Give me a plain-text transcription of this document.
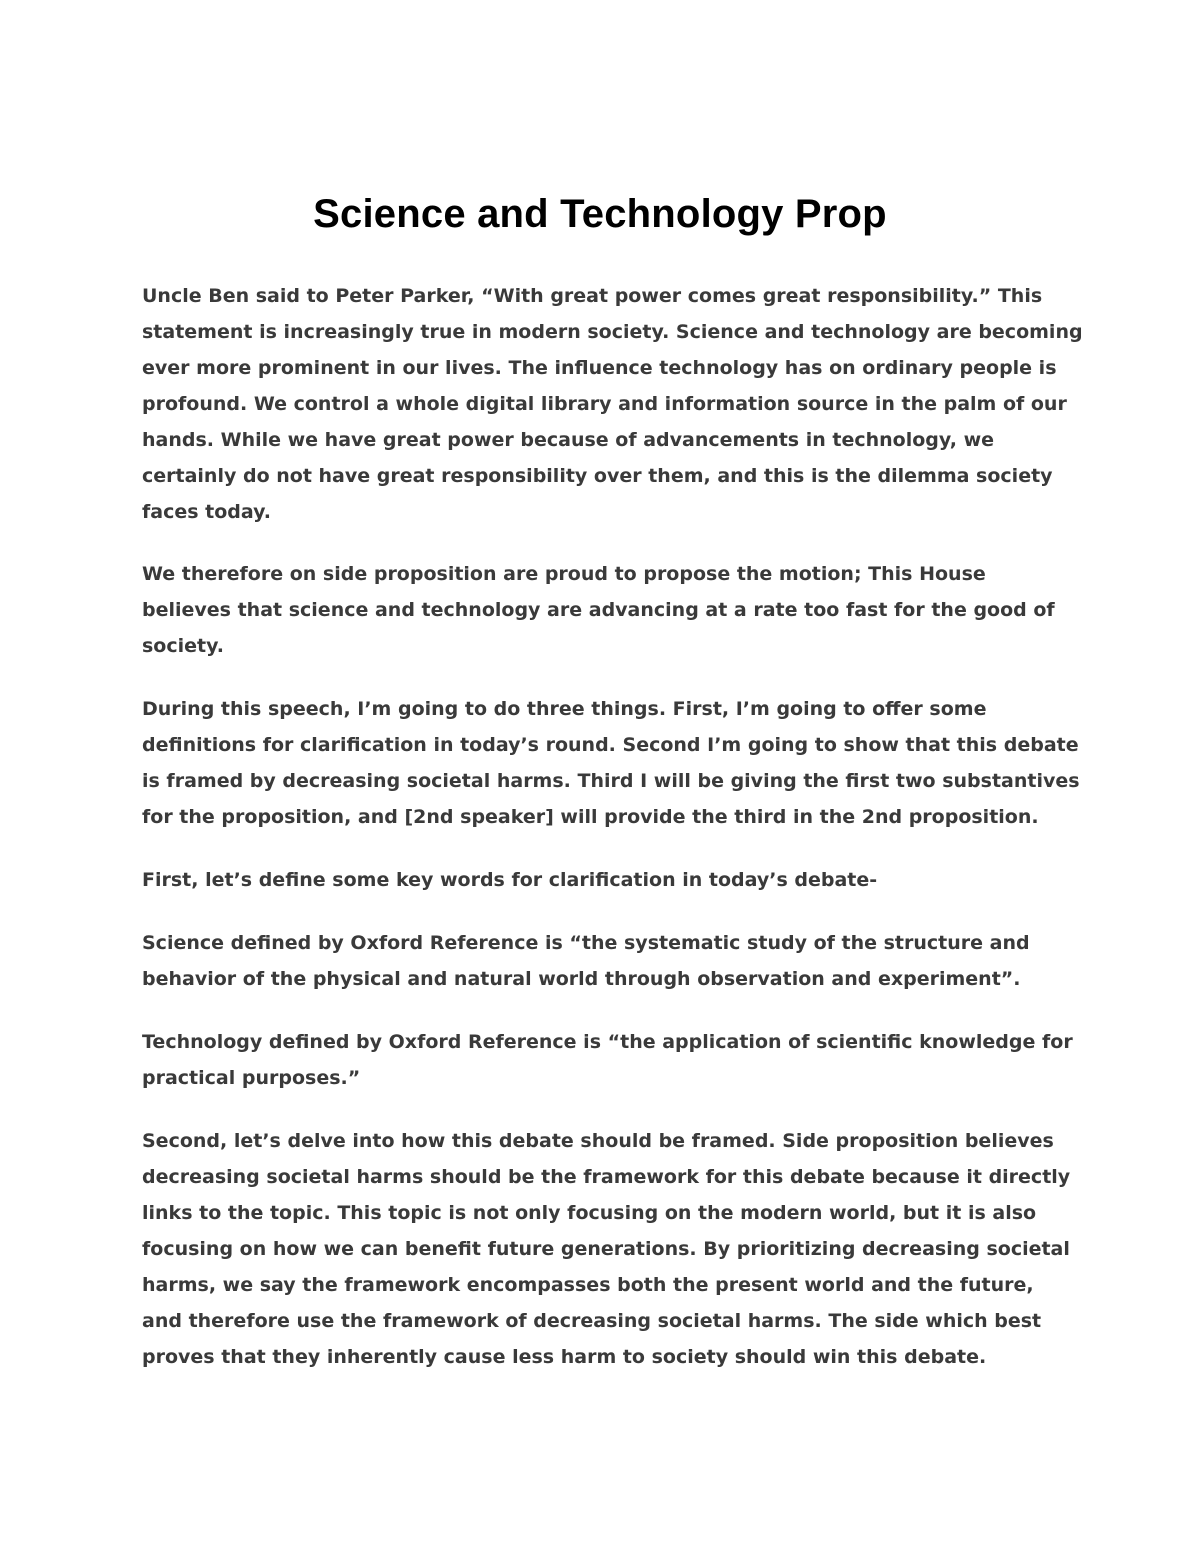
Science and Technology Prop
Uncle Ben said to Peter Parker, “With great power comes great responsibility.” This
statement is increasingly true in modern society. Science and technology are becoming
ever more prominent in our lives. The influence technology has on ordinary people is
profound. We control a whole digital library and information source in the palm of our
hands. While we have great power because of advancements in technology, we
certainly do not have great responsibility over them, and this is the dilemma society
faces today.
We therefore on side proposition are proud to propose the motion; This House
believes that science and technology are advancing at a rate too fast for the good of
society.
During this speech, I’m going to do three things. First, I’m going to offer some
definitions for clarification in today’s round. Second I’m going to show that this debate
is framed by decreasing societal harms. Third I will be giving the first two substantives
for the proposition, and [2nd speaker] will provide the third in the 2nd proposition.
First, let’s define some key words for clarification in today’s debate-
Science defined by Oxford Reference is “the systematic study of the structure and
behavior of the physical and natural world through observation and experiment”.
Technology defined by Oxford Reference is “the application of scientific knowledge for
practical purposes.”
Second, let’s delve into how this debate should be framed. Side proposition believes
decreasing societal harms should be the framework for this debate because it directly
links to the topic. This topic is not only focusing on the modern world, but it is also
focusing on how we can benefit future generations. By prioritizing decreasing societal
harms, we say the framework encompasses both the present world and the future,
and therefore use the framework of decreasing societal harms. The side which best
proves that they inherently cause less harm to society should win this debate.
